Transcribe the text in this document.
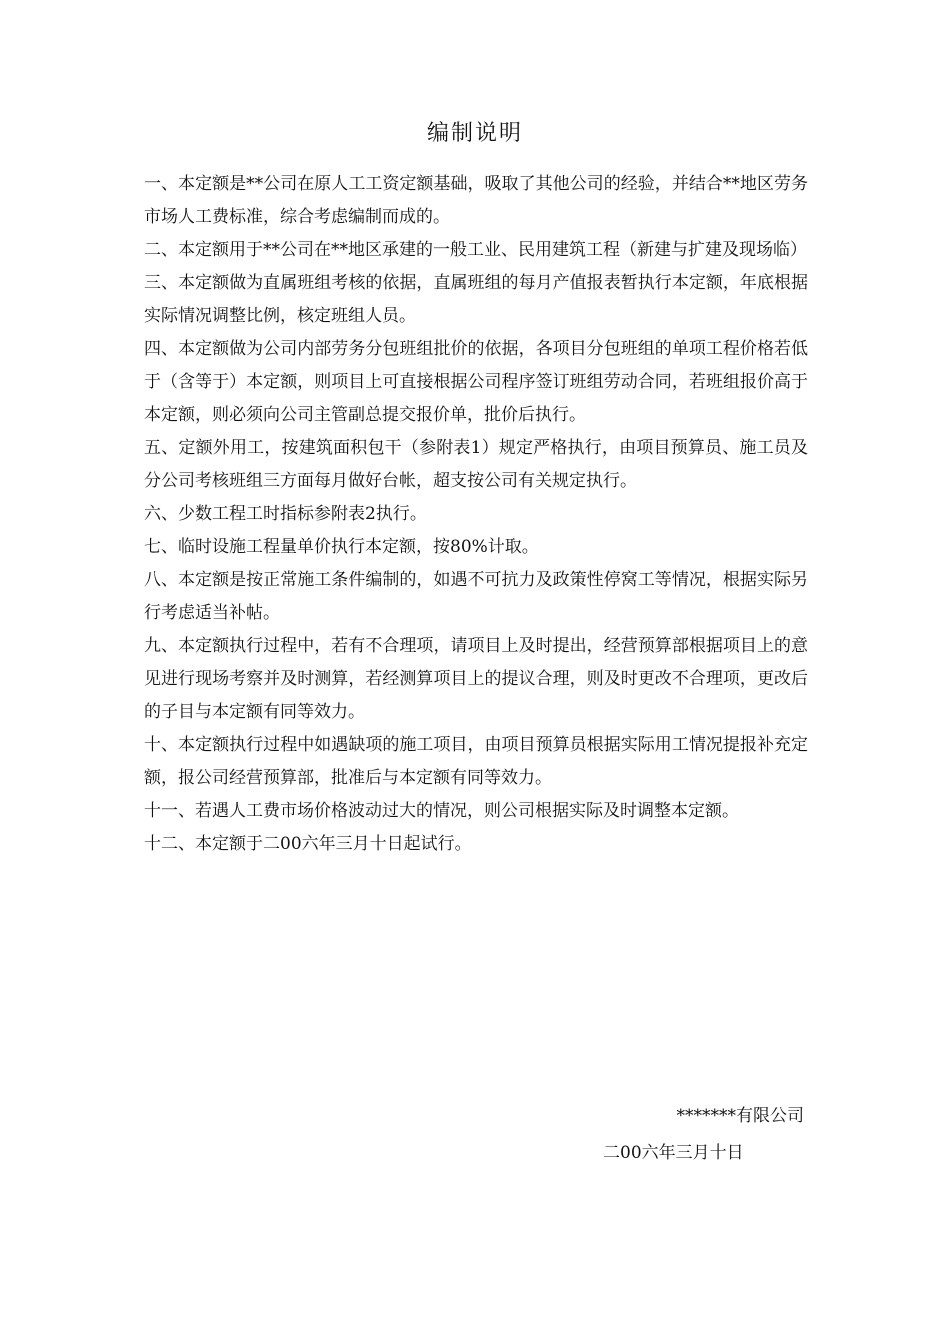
编制说明

一、本定额是**公司在原人工工资定额基础，吸取了其他公司的经验，并结合**地区劳务市场人工费标准，综合考虑编制而成的。

二、本定额用于**公司在**地区承建的一般工业、民用建筑工程（新建与扩建及现场临）

三、本定额做为直属班组考核的依据，直属班组的每月产值报表暂执行本定额，年底根据实际情况调整比例，核定班组人员。

四、本定额做为公司内部劳务分包班组批价的依据，各项目分包班组的单项工程价格若低于（含等于）本定额，则项目上可直接根据公司程序签订班组劳动合同，若班组报价高于本定额，则必须向公司主管副总提交报价单，批价后执行。

五、定额外用工，按建筑面积包干（参附表1）规定严格执行，由项目预算员、施工员及分公司考核班组三方面每月做好台帐，超支按公司有关规定执行。

六、少数工程工时指标参附表2执行。

七、临时设施工程量单价执行本定额，按80%计取。

八、本定额是按正常施工条件编制的，如遇不可抗力及政策性停窝工等情况，根据实际另行考虑适当补帖。

九、本定额执行过程中，若有不合理项，请项目上及时提出，经营预算部根据项目上的意见进行现场考察并及时测算，若经测算项目上的提议合理，则及时更改不合理项，更改后的子目与本定额有同等效力。

十、本定额执行过程中如遇缺项的施工项目，由项目预算员根据实际用工情况提报补充定额，报公司经营预算部，批准后与本定额有同等效力。

十一、若遇人工费市场价格波动过大的情况，则公司根据实际及时调整本定额。

十二、本定额于二00六年三月十日起试行。

*******有限公司
二00六年三月十日
